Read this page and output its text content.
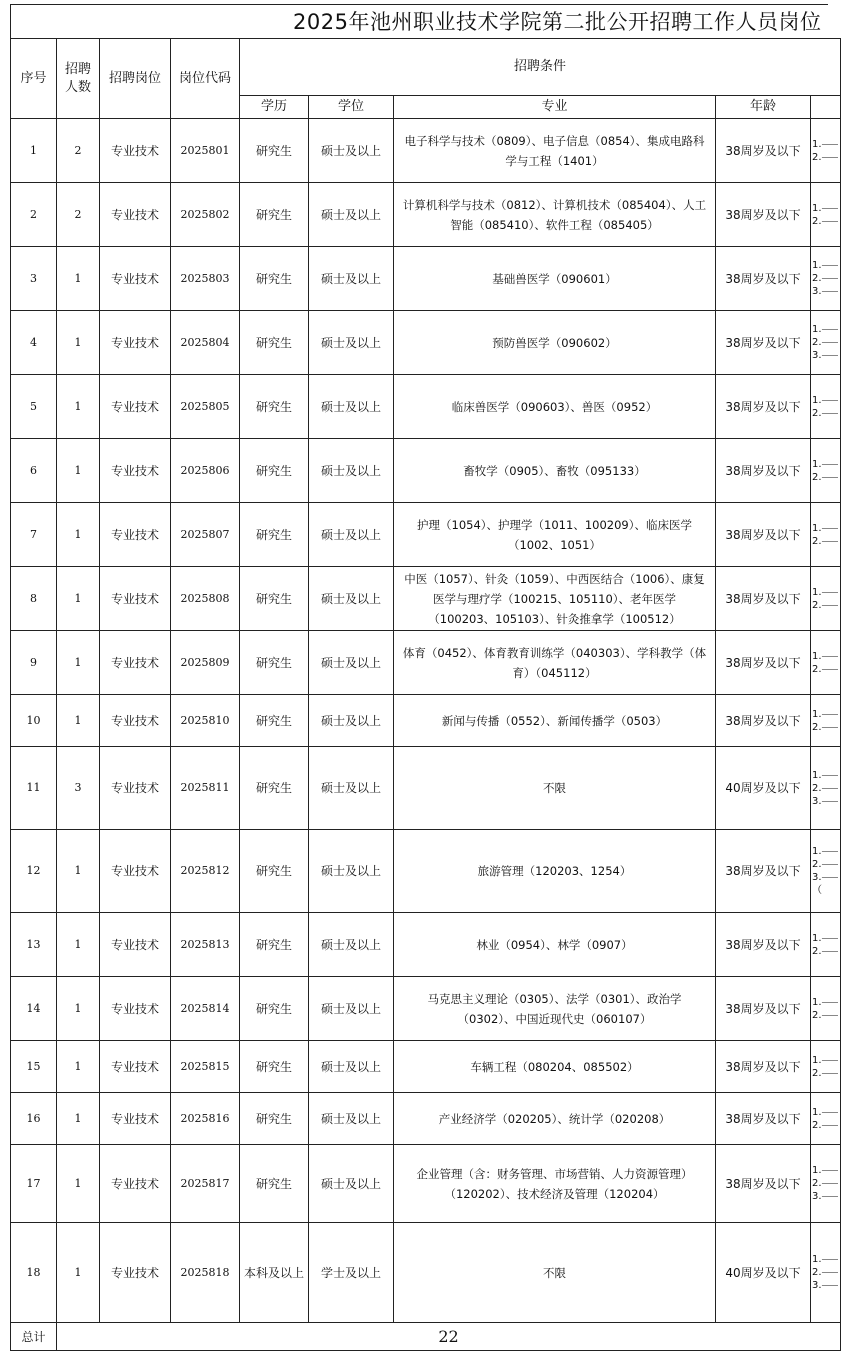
2025年池州职业技术学院第二批公开招聘工作人员岗位
序号	招聘人数	招聘岗位	岗位代码	招聘条件				
				学历	学位	专业	年龄	
1	2	专业技术	2025801	研究生	硕士及以上	电子科学与技术（0809）、电子信息（0854）、集成电路科学与工程（1401）	38周岁及以下	1.⸺
2.⸺
2	2	专业技术	2025802	研究生	硕士及以上	计算机科学与技术（0812）、计算机技术（085404）、人工智能（085410）、软件工程（085405）	38周岁及以下	1.⸺
2.⸺
3	1	专业技术	2025803	研究生	硕士及以上	基础兽医学（090601）	38周岁及以下	1.⸺
2.⸺
3.⸺
4	1	专业技术	2025804	研究生	硕士及以上	预防兽医学（090602）	38周岁及以下	1.⸺
2.⸺
3.⸺
5	1	专业技术	2025805	研究生	硕士及以上	临床兽医学（090603）、兽医（0952）	38周岁及以下	1.⸺
2.⸺
6	1	专业技术	2025806	研究生	硕士及以上	畜牧学（0905）、畜牧（095133）	38周岁及以下	1.⸺
2.⸺
7	1	专业技术	2025807	研究生	硕士及以上	护理（1054）、护理学（1011、100209）、临床医学（1002、1051）	38周岁及以下	1.⸺
2.⸺
8	1	专业技术	2025808	研究生	硕士及以上	中医（1057）、针灸（1059）、中西医结合（1006）、康复医学与理疗学（100215、105110）、老年医学（100203、105103）、针灸推拿学（100512）	38周岁及以下	1.⸺
2.⸺
9	1	专业技术	2025809	研究生	硕士及以上	体育（0452）、体育教育训练学（040303）、学科教学（体育）（045112）	38周岁及以下	1.⸺
2.⸺
10	1	专业技术	2025810	研究生	硕士及以上	新闻与传播（0552）、新闻传播学（0503）	38周岁及以下	1.⸺
2.⸺
11	3	专业技术	2025811	研究生	硕士及以上	不限	40周岁及以下	1.⸺
2.⸺
3.⸺
12	1	专业技术	2025812	研究生	硕士及以上	旅游管理（120203、1254）	38周岁及以下	1.⸺
2.⸺
3.⸺
（
13	1	专业技术	2025813	研究生	硕士及以上	林业（0954）、林学（0907）	38周岁及以下	1.⸺
2.⸺
14	1	专业技术	2025814	研究生	硕士及以上	马克思主义理论（0305）、法学（0301）、政治学（0302）、中国近现代史（060107）	38周岁及以下	1.⸺
2.⸺
15	1	专业技术	2025815	研究生	硕士及以上	车辆工程（080204、085502）	38周岁及以下	1.⸺
2.⸺
16	1	专业技术	2025816	研究生	硕士及以上	产业经济学（020205）、统计学（020208）	38周岁及以下	1.⸺
2.⸺
17	1	专业技术	2025817	研究生	硕士及以上	企业管理（含：财务管理、市场营销、人力资源管理）（120202）、技术经济及管理（120204）	38周岁及以下	1.⸺
2.⸺
3.⸺
18	1	专业技术	2025818	本科及以上	学士及以上	不限	40周岁及以下	1.⸺
2.⸺
3.⸺
总计	22							
